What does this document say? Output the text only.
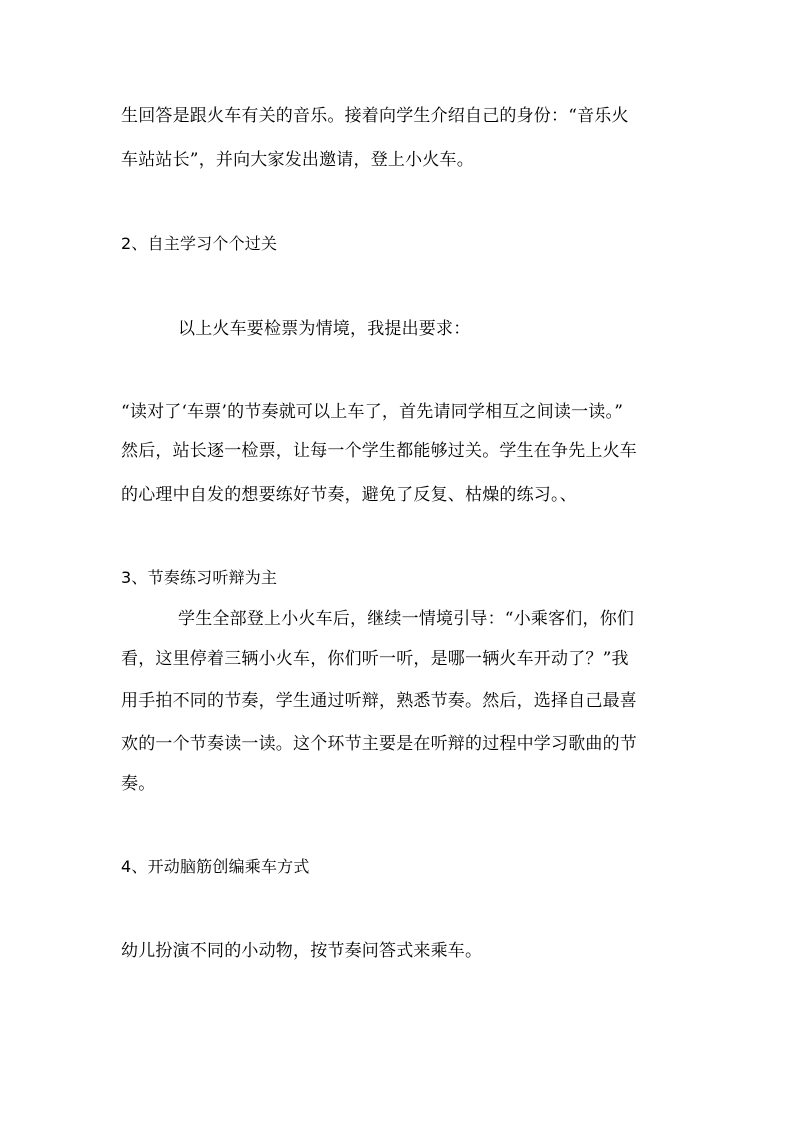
生回答是跟火车有关的音乐。接着向学生介绍自己的身份：“音乐火
车站站长”，并向大家发出邀请，登上小火车。
2、自主学习个个过关
以上火车要检票为情境，我提出要求：
“读对了‘车票’的节奏就可以上车了，首先请同学相互之间读一读。”
然后，站长逐一检票，让每一个学生都能够过关。学生在争先上火车
的心理中自发的想要练好节奏，避免了反复、枯燥的练习。、
3、节奏练习听辩为主
学生全部登上小火车后，继续一情境引导：“小乘客们，你们
看，这里停着三辆小火车，你们听一听，是哪一辆火车开动了？”我
用手拍不同的节奏，学生通过听辩，熟悉节奏。然后，选择自己最喜
欢的一个节奏读一读。这个环节主要是在听辩的过程中学习歌曲的节
奏。
4、开动脑筋创编乘车方式
幼儿扮演不同的小动物，按节奏问答式来乘车。
